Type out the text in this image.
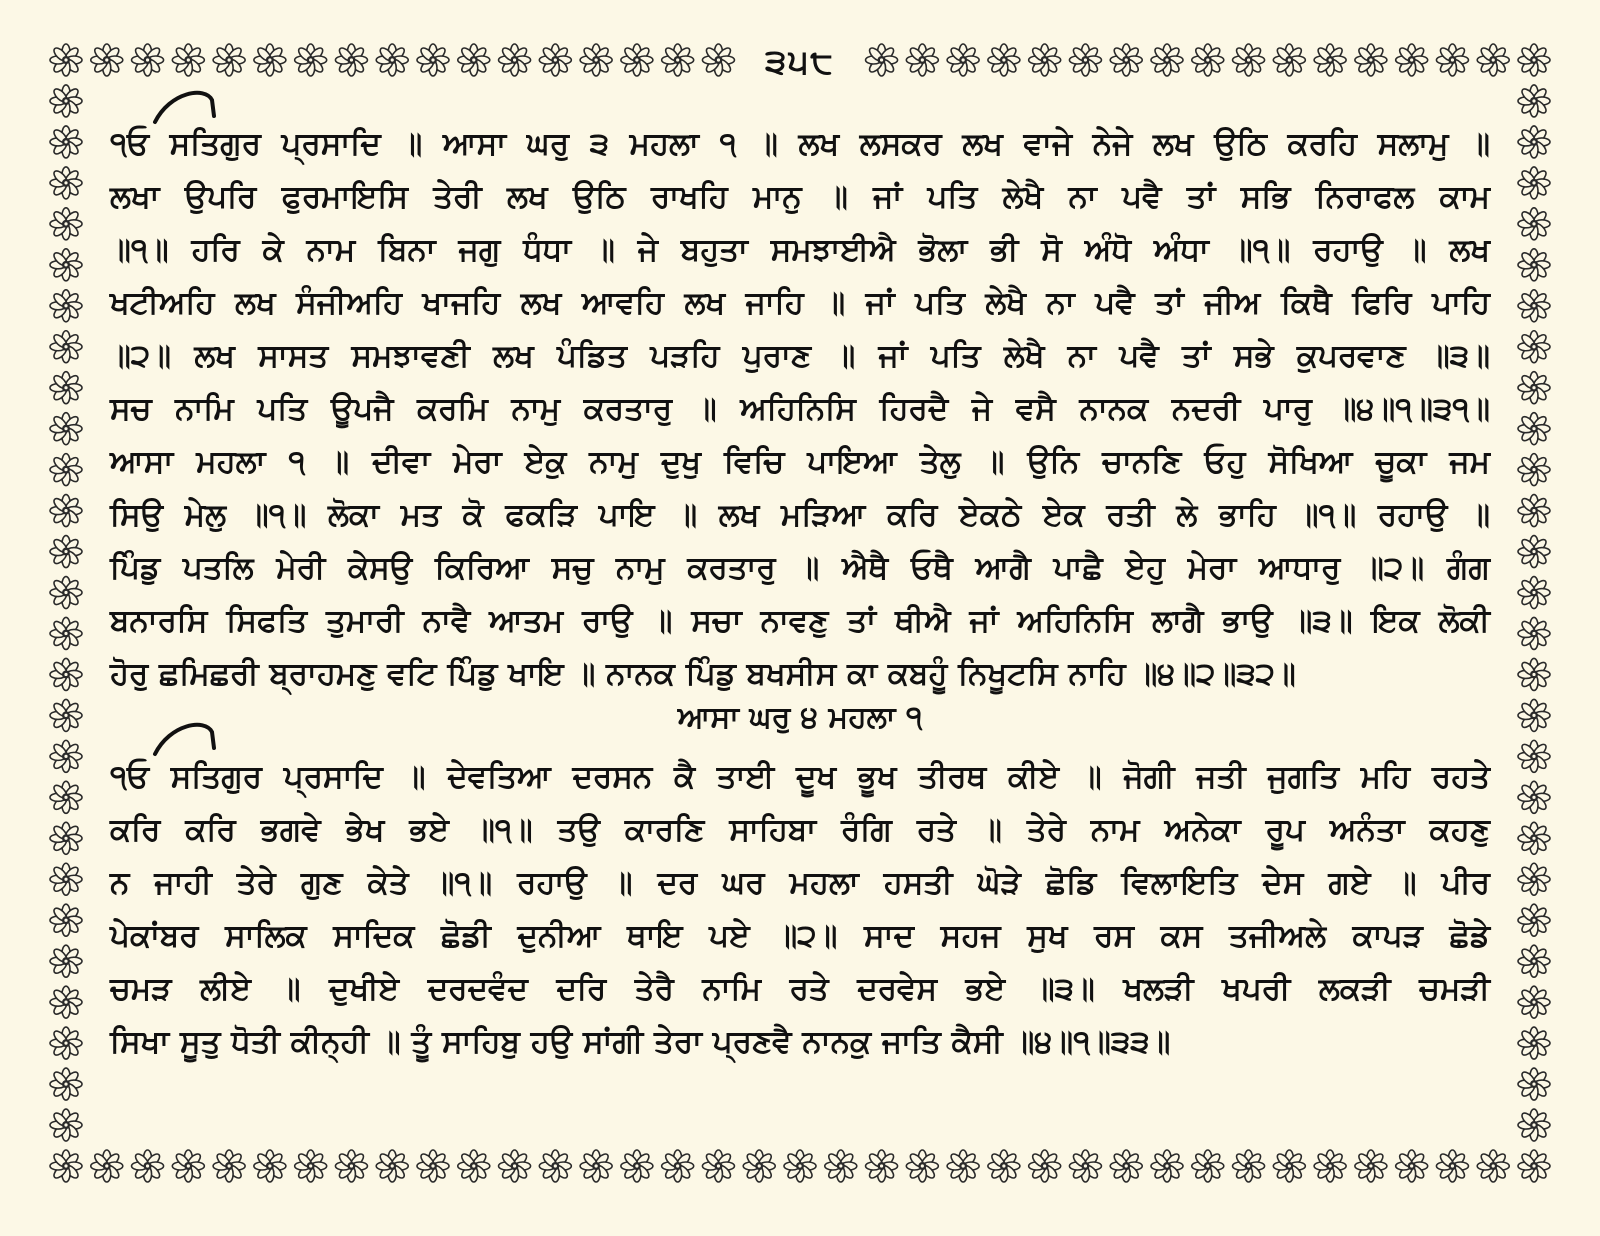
੩੫੮
੧ਓ ਸਤਿਗੁਰ ਪ੍ਰਸਾਦਿ ॥ ਆਸਾ ਘਰੁ ੩ ਮਹਲਾ ੧ ॥ ਲਖ ਲਸਕਰ ਲਖ ਵਾਜੇ ਨੇਜੇ ਲਖ ਉਠਿ ਕਰਹਿ ਸਲਾਮੁ ॥
ਲਖਾ ਉਪਰਿ ਫੁਰਮਾਇਸਿ ਤੇਰੀ ਲਖ ਉਠਿ ਰਾਖਹਿ ਮਾਨੁ ॥ ਜਾਂ ਪਤਿ ਲੇਖੈ ਨਾ ਪਵੈ ਤਾਂ ਸਭਿ ਨਿਰਾਫਲ ਕਾਮ
॥੧॥ ਹਰਿ ਕੇ ਨਾਮ ਬਿਨਾ ਜਗੁ ਧੰਧਾ ॥ ਜੇ ਬਹੁਤਾ ਸਮਝਾਈਐ ਭੋਲਾ ਭੀ ਸੋ ਅੰਧੋ ਅੰਧਾ ॥੧॥ ਰਹਾਉ ॥ ਲਖ
ਖਟੀਅਹਿ ਲਖ ਸੰਜੀਅਹਿ ਖਾਜਹਿ ਲਖ ਆਵਹਿ ਲਖ ਜਾਹਿ ॥ ਜਾਂ ਪਤਿ ਲੇਖੈ ਨਾ ਪਵੈ ਤਾਂ ਜੀਅ ਕਿਥੈ ਫਿਰਿ ਪਾਹਿ
॥੨॥ ਲਖ ਸਾਸਤ ਸਮਝਾਵਣੀ ਲਖ ਪੰਡਿਤ ਪੜਹਿ ਪੁਰਾਣ ॥ ਜਾਂ ਪਤਿ ਲੇਖੈ ਨਾ ਪਵੈ ਤਾਂ ਸਭੇ ਕੁਪਰਵਾਣ ॥੩॥
ਸਚ ਨਾਮਿ ਪਤਿ ਊਪਜੈ ਕਰਮਿ ਨਾਮੁ ਕਰਤਾਰੁ ॥ ਅਹਿਨਿਸਿ ਹਿਰਦੈ ਜੇ ਵਸੈ ਨਾਨਕ ਨਦਰੀ ਪਾਰੁ ॥੪॥੧॥੩੧॥
ਆਸਾ ਮਹਲਾ ੧ ॥ ਦੀਵਾ ਮੇਰਾ ਏਕੁ ਨਾਮੁ ਦੁਖੁ ਵਿਚਿ ਪਾਇਆ ਤੇਲੁ ॥ ਉਨਿ ਚਾਨਣਿ ਓਹੁ ਸੋਖਿਆ ਚੂਕਾ ਜਮ
ਸਿਉ ਮੇਲੁ ॥੧॥ ਲੋਕਾ ਮਤ ਕੋ ਫਕੜਿ ਪਾਇ ॥ ਲਖ ਮੜਿਆ ਕਰਿ ਏਕਠੇ ਏਕ ਰਤੀ ਲੇ ਭਾਹਿ ॥੧॥ ਰਹਾਉ ॥
ਪਿੰਡੁ ਪਤਲਿ ਮੇਰੀ ਕੇਸਉ ਕਿਰਿਆ ਸਚੁ ਨਾਮੁ ਕਰਤਾਰੁ ॥ ਐਥੈ ਓਥੈ ਆਗੈ ਪਾਛੈ ਏਹੁ ਮੇਰਾ ਆਧਾਰੁ ॥੨॥ ਗੰਗ
ਬਨਾਰਸਿ ਸਿਫਤਿ ਤੁਮਾਰੀ ਨਾਵੈ ਆਤਮ ਰਾਉ ॥ ਸਚਾ ਨਾਵਣੁ ਤਾਂ ਥੀਐ ਜਾਂ ਅਹਿਨਿਸਿ ਲਾਗੈ ਭਾਉ ॥੩॥ ਇਕ ਲੋਕੀ
ਹੋਰੁ ਛਮਿਛਰੀ ਬ੍ਰਾਹਮਣੁ ਵਟਿ ਪਿੰਡੁ ਖਾਇ ॥ ਨਾਨਕ ਪਿੰਡੁ ਬਖਸੀਸ ਕਾ ਕਬਹੂੰ ਨਿਖੂਟਸਿ ਨਾਹਿ ॥੪॥੨॥੩੨॥
ਆਸਾ ਘਰੁ ੪ ਮਹਲਾ ੧
੧ਓ ਸਤਿਗੁਰ ਪ੍ਰਸਾਦਿ ॥ ਦੇਵਤਿਆ ਦਰਸਨ ਕੈ ਤਾਈ ਦੂਖ ਭੂਖ ਤੀਰਥ ਕੀਏ ॥ ਜੋਗੀ ਜਤੀ ਜੁਗਤਿ ਮਹਿ ਰਹਤੇ
ਕਰਿ ਕਰਿ ਭਗਵੇ ਭੇਖ ਭਏ ॥੧॥ ਤਉ ਕਾਰਣਿ ਸਾਹਿਬਾ ਰੰਗਿ ਰਤੇ ॥ ਤੇਰੇ ਨਾਮ ਅਨੇਕਾ ਰੂਪ ਅਨੰਤਾ ਕਹਣੁ
ਨ ਜਾਹੀ ਤੇਰੇ ਗੁਣ ਕੇਤੇ ॥੧॥ ਰਹਾਉ ॥ ਦਰ ਘਰ ਮਹਲਾ ਹਸਤੀ ਘੋੜੇ ਛੋਡਿ ਵਿਲਾਇਤਿ ਦੇਸ ਗਏ ॥ ਪੀਰ
ਪੇਕਾਂਬਰ ਸਾਲਿਕ ਸਾਦਿਕ ਛੋਡੀ ਦੁਨੀਆ ਥਾਇ ਪਏ ॥੨॥ ਸਾਦ ਸਹਜ ਸੁਖ ਰਸ ਕਸ ਤਜੀਅਲੇ ਕਾਪੜ ਛੋਡੇ
ਚਮੜ ਲੀਏ ॥ ਦੁਖੀਏ ਦਰਦਵੰਦ ਦਰਿ ਤੇਰੈ ਨਾਮਿ ਰਤੇ ਦਰਵੇਸ ਭਏ ॥੩॥ ਖਲੜੀ ਖਪਰੀ ਲਕੜੀ ਚਮੜੀ
ਸਿਖਾ ਸੂਤੁ ਧੋਤੀ ਕੀਨ੍ਹੀ ॥ ਤੂੰ ਸਾਹਿਬੁ ਹਉ ਸਾਂਗੀ ਤੇਰਾ ਪ੍ਰਣਵੈ ਨਾਨਕੁ ਜਾਤਿ ਕੈਸੀ ॥੪॥੧॥੩੩॥
